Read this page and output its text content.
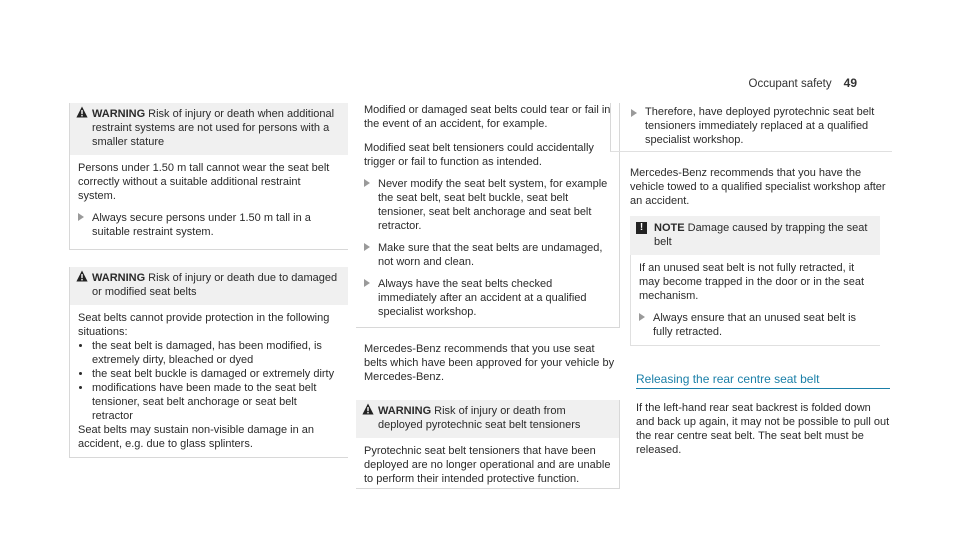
Occupant safety 49
WARNING Risk of injury or death when additional restraint systems are not used for persons with a smaller stature

Persons under 1.50 m tall cannot wear the seat belt correctly without a suitable additional restraint system.

Always secure persons under 1.50 m tall in a suitable restraint system.
WARNING Risk of injury or death due to damaged or modified seat belts

Seat belts cannot provide protection in the following situations:

• the seat belt is damaged, has been modified, is extremely dirty, bleached or dyed
• the seat belt buckle is damaged or extremely dirty
• modifications have been made to the seat belt tensioner, seat belt anchorage or seat belt retractor

Seat belts may sustain non-visible damage in an accident, e.g. due to glass splinters.

Modified or damaged seat belts could tear or fail in the event of an accident, for example.

Modified seat belt tensioners could accidentally trigger or fail to function as intended.

Never modify the seat belt system, for example the seat belt, seat belt buckle, seat belt tensioner, seat belt anchorage and seat belt retractor.
Make sure that the seat belts are undamaged, not worn and clean.
Always have the seat belts checked immediately after an accident at a qualified specialist workshop.

Mercedes-Benz recommends that you use seat belts which have been approved for your vehicle by Mercedes-Benz.

WARNING Risk of injury or death from deployed pyrotechnic seat belt tensioners

Pyrotechnic seat belt tensioners that have been deployed are no longer operational and are unable to perform their intended protective function.

Therefore, have deployed pyrotechnic seat belt tensioners immediately replaced at a qualified specialist workshop.

Mercedes-Benz recommends that you have the vehicle towed to a qualified specialist workshop after an accident.

! NOTE Damage caused by trapping the seat belt

If an unused seat belt is not fully retracted, it may become trapped in the door or in the seat mechanism.

Always ensure that an unused seat belt is fully retracted.
Releasing the rear centre seat belt

If the left-hand rear seat backrest is folded down and back up again, it may not be possible to pull out the rear centre seat belt. The seat belt must be released.
